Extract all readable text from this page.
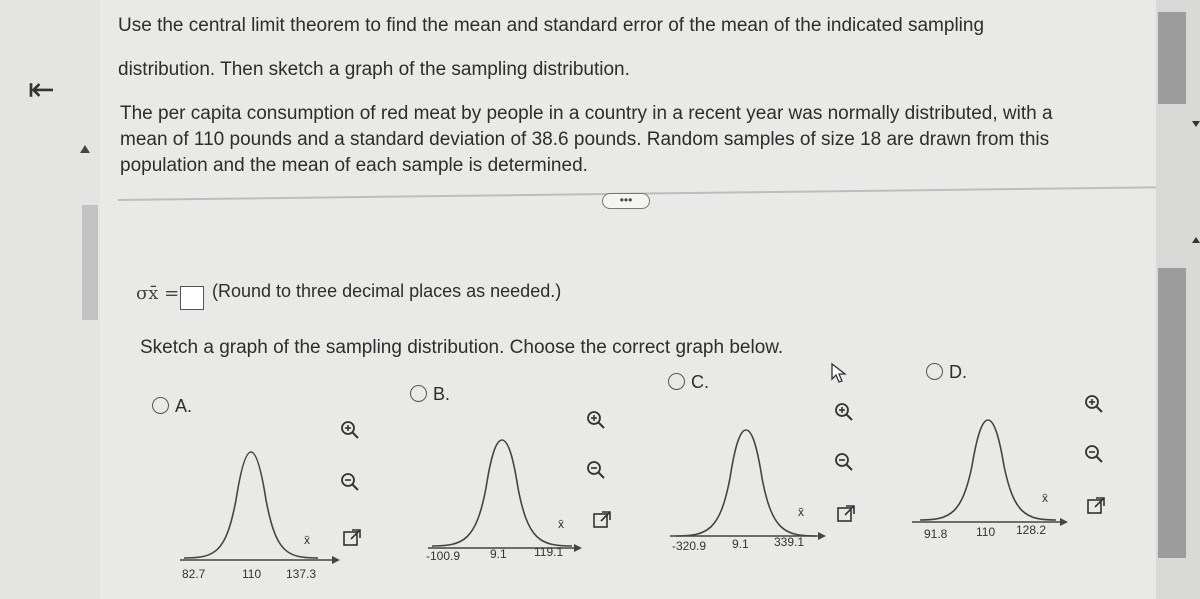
⇤
Use the central limit theorem to find the mean and standard error of the mean of the indicated sampling
distribution. Then sketch a graph of the sampling distribution.
The per capita consumption of red meat by people in a country in a recent year was normally distributed, with a
mean of 110 pounds and a standard deviation of 38.6 pounds. Random samples of size 18 are drawn from this
population and the mean of each sample is determined.
•••
σx̄ = (Round to three decimal places as needed.)
Sketch a graph of the sampling distribution. Choose the correct graph below.
A.
B.
C.	D.
x̄
82.7	110 137.3
x̄
-100.9 9.1 119.1
x̄
-320.9 9.1 339.1
x̄
91.8 110 128.2
